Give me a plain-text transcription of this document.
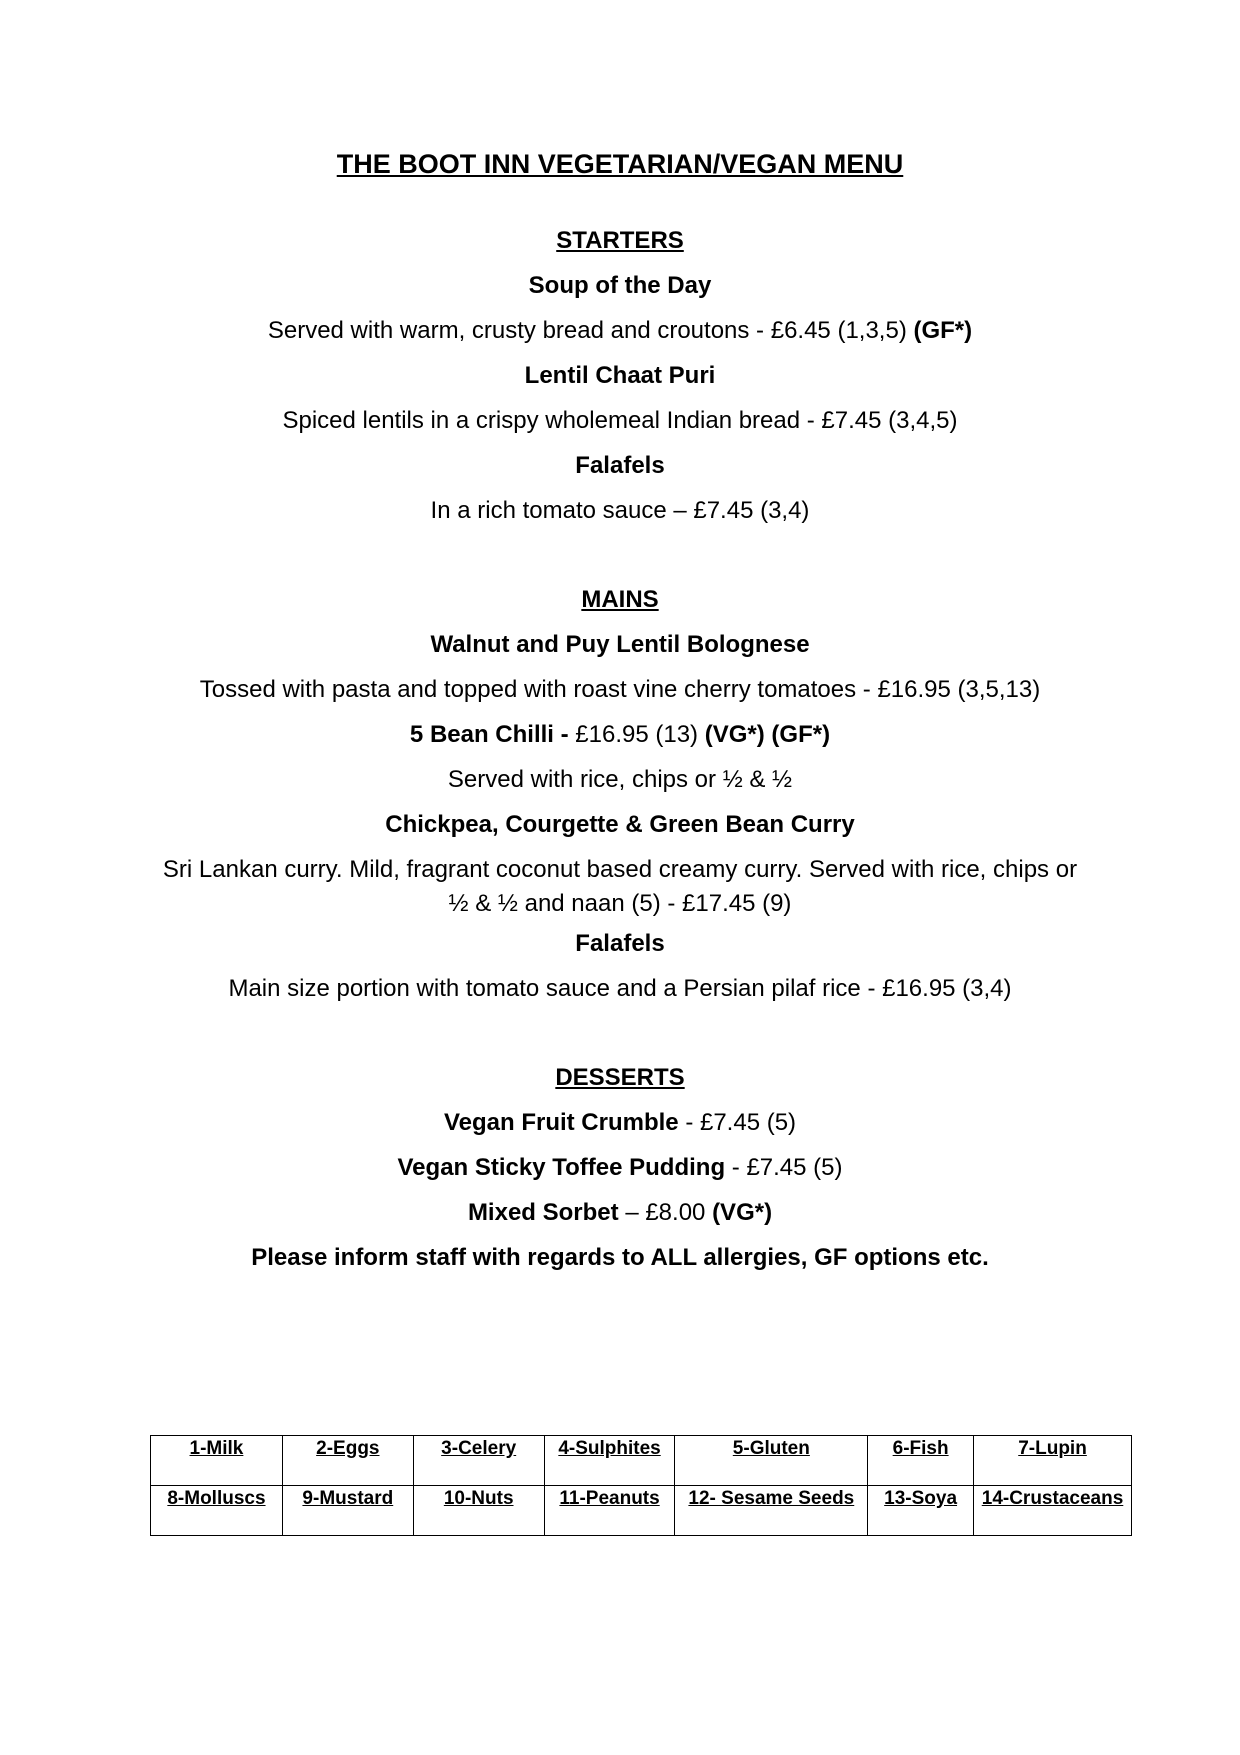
THE BOOT INN VEGETARIAN/VEGAN MENU
STARTERS
Soup of the Day
Served with warm, crusty bread and croutons - £6.45 (1,3,5) (GF*)
Lentil Chaat Puri
Spiced lentils in a crispy wholemeal Indian bread - £7.45 (3,4,5)
Falafels
In a rich tomato sauce – £7.45 (3,4)
MAINS
Walnut and Puy Lentil Bolognese
Tossed with pasta and topped with roast vine cherry tomatoes - £16.95 (3,5,13)
5 Bean Chilli - £16.95 (13) (VG*) (GF*)
Served with rice, chips or ½ & ½
Chickpea, Courgette & Green Bean Curry
Sri Lankan curry. Mild, fragrant coconut based creamy curry. Served with rice, chips or ½ & ½ and naan (5) - £17.45 (9)
Falafels
Main size portion with tomato sauce and a Persian pilaf rice - £16.95 (3,4)
DESSERTS
Vegan Fruit Crumble - £7.45 (5)
Vegan Sticky Toffee Pudding - £7.45 (5)
Mixed Sorbet – £8.00 (VG*)
Please inform staff with regards to ALL allergies, GF options etc.
1-Milk	2-Eggs	3-Celery	4-Sulphites	5-Gluten	6-Fish	7-Lupin
8-Molluscs	9-Mustard	10-Nuts	11-Peanuts	12- Sesame Seeds	13-Soya	14-Crustaceans
